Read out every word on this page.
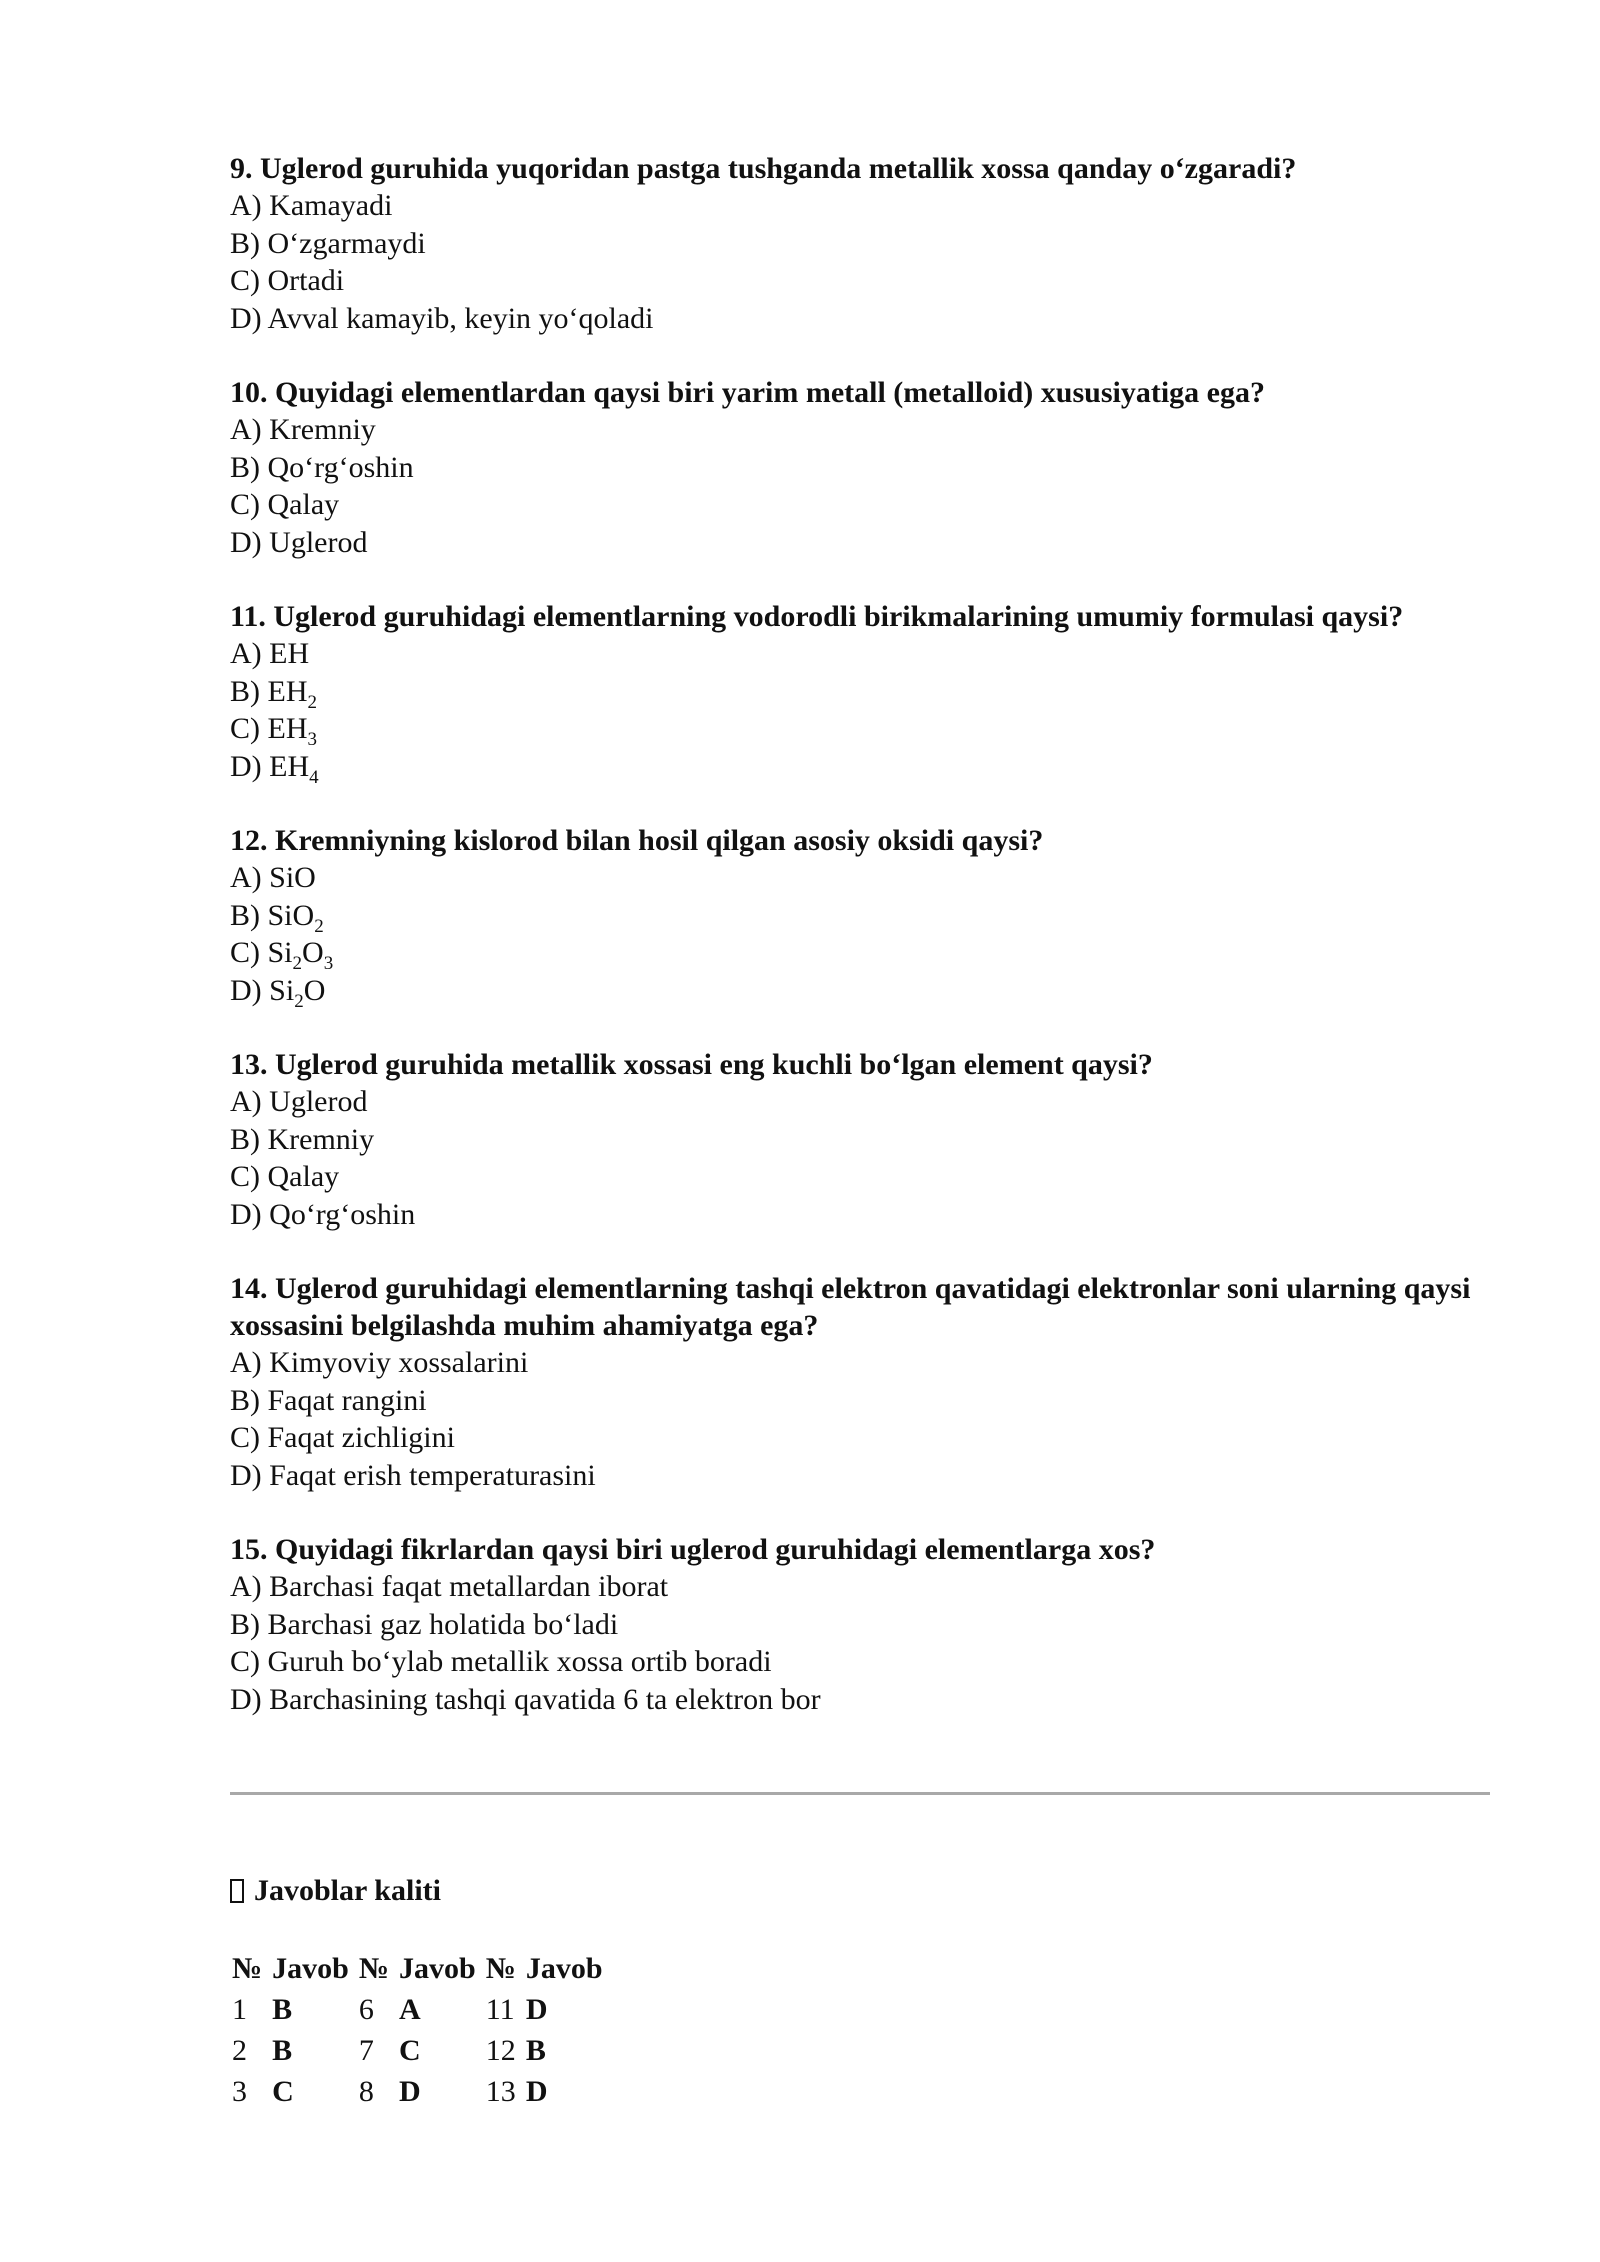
9. Uglerod guruhida yuqoridan pastga tushganda metallik xossa qanday o‘zgaradi?
A) Kamayadi
B) O‘zgarmaydi
C) Ortadi
D) Avval kamayib, keyin yo‘qoladi
10. Quyidagi elementlardan qaysi biri yarim metall (metalloid) xususiyatiga ega?
A) Kremniy
B) Qo‘rg‘oshin
C) Qalay
D) Uglerod
11. Uglerod guruhidagi elementlarning vodorodli birikmalarining umumiy formulasi qaysi?
A) EH
B) $EH_2$
C) $EH_3$
D) $EH_4$
12. Kremniyning kislorod bilan hosil qilgan asosiy oksidi qaysi?
A) SiO
B) SiO$_2$
C) $Si_2O_3$
D) $Si_2O$
13. Uglerod guruhida metallik xossasi eng kuchli bo‘lgan element qaysi?
A) Uglerod
B) Kremniy
C) Qalay
D) Qo‘rg‘oshin
14. Uglerod guruhidagi elementlarning tashqi elektron qavatidagi elektronlar soni ularning qaysi xossasini belgilashda muhim ahamiyatga ega?
A) Kimyoviy xossalarini
B) Faqat rangini
C) Faqat zichligini
D) Faqat erish temperaturasini
15. Quyidagi fikrlardan qaysi biri uglerod guruhidagi elementlarga xos?
A) Barchasi faqat metallardan iborat
B) Barchasi gaz holatida bo‘ladi
C) Guruh bo‘ylab metallik xossa ortib boradi
D) Barchasining tashqi qavatida 6 ta elektron bor
Javoblar kaliti
№	Javob	№	Javob	№	Javob
1	B	6	A	11	D
2	B	7	C	12	B
3	C	8	D	13	D
